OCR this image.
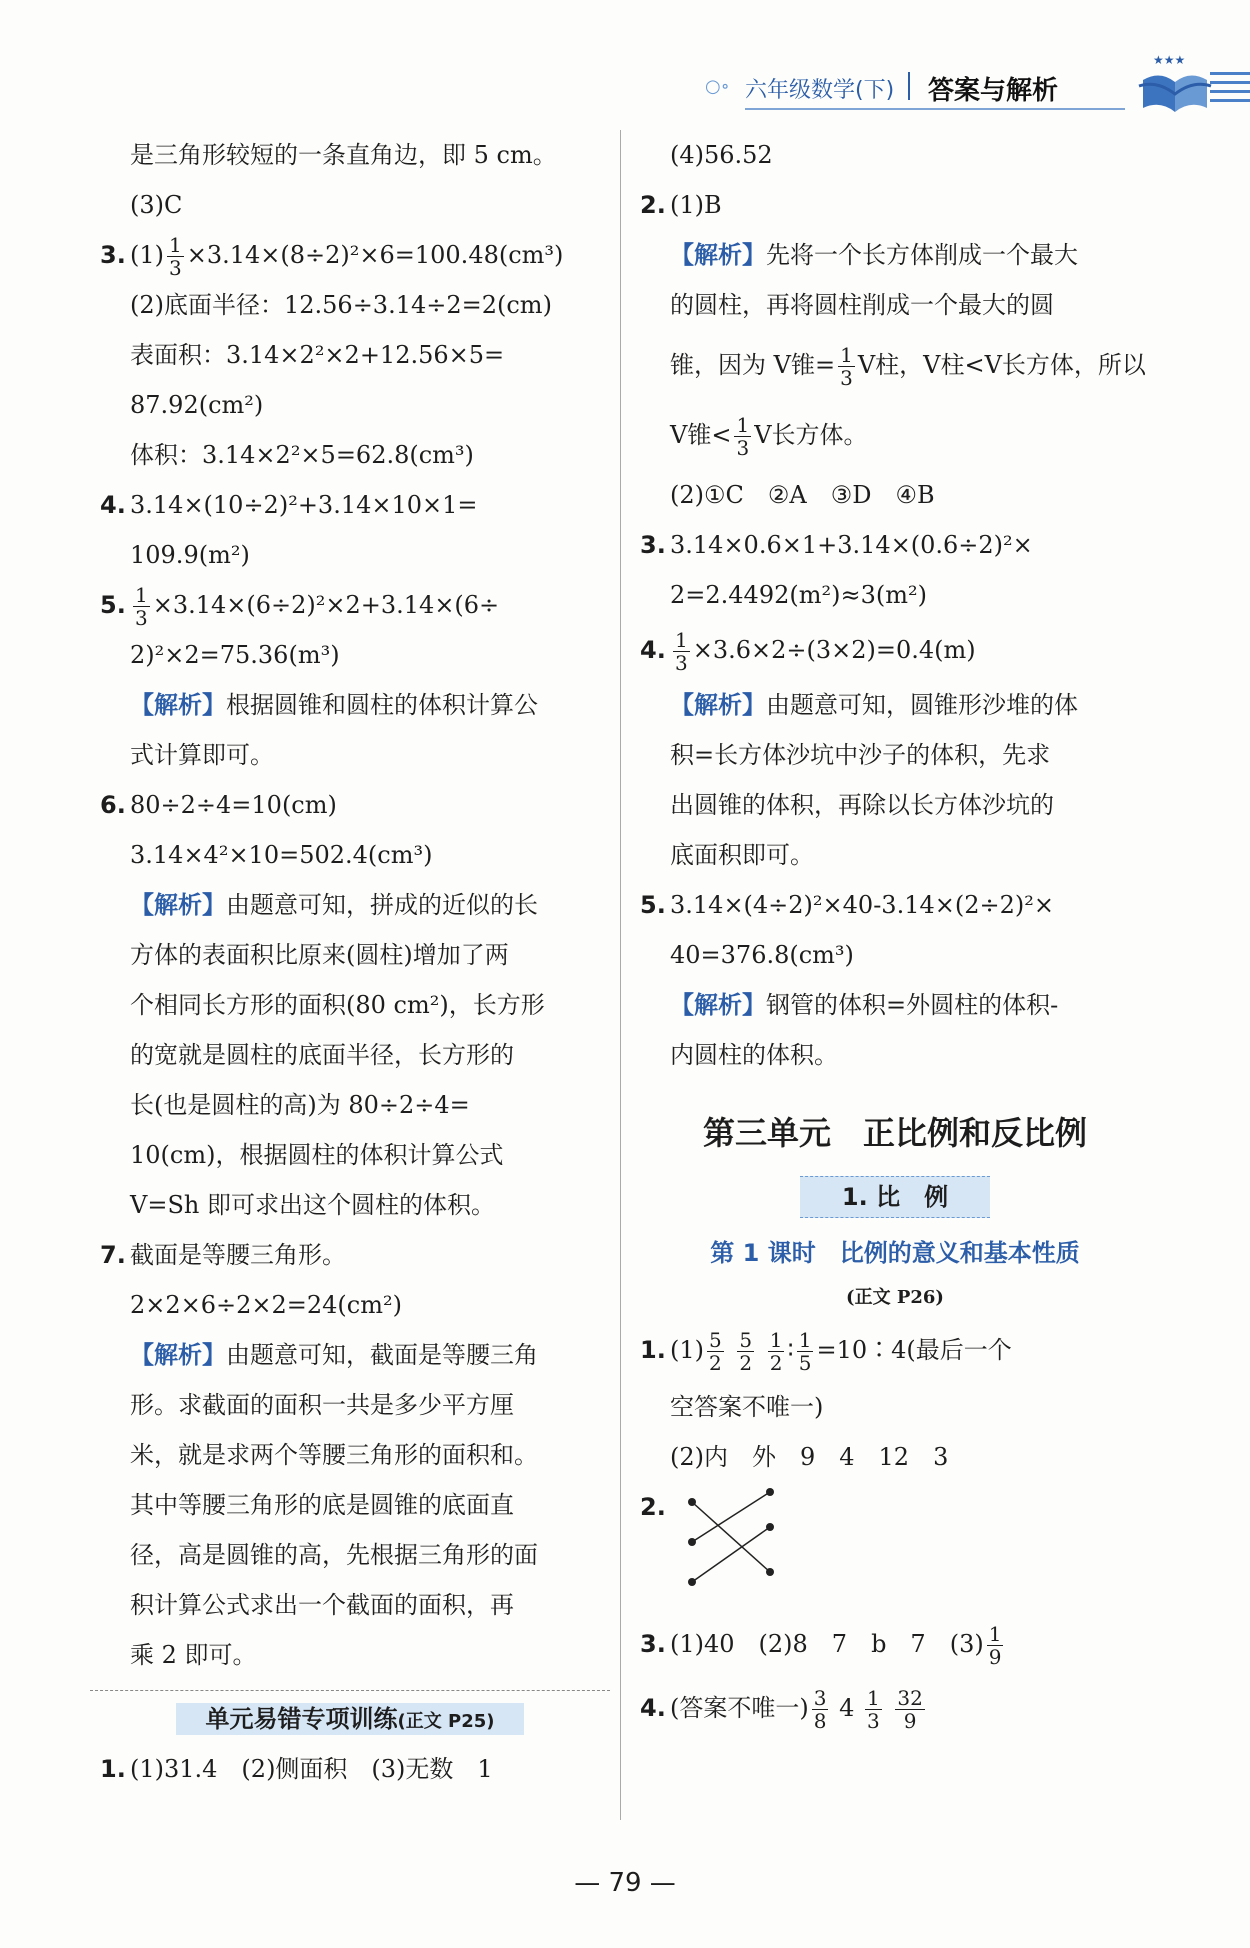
○∘ 六年级数学(下) 答案与解析
★★★
是三角形较短的一条直角边，即 5 cm。
(3)C
3. $(1) \frac{1}{3} \times 3.14\times(8\div 2)^2\times 6=100.48(cm^3)$
(2)底面半径：12.56÷3.14÷2=2(cm)
表面积：3.14×2²×2+12.56×5=
87.92(cm²)
体积：3.14×2²×5=62.8(cm³)
4. 3.14×(10÷2)²+3.14×10×1=
109.9(m²)
5. $\frac{1}{3} \times 3.14\times(6\div 2)^2\times 2+3.14\times(6\div$
2)²×2=75.36(m³)
【解析】根据圆锥和圆柱的体积计算公
式计算即可。
6. 80÷2÷4=10(cm)
3.14×4²×10=502.4(cm³)
【解析】由题意可知，拼成的近似的长
方体的表面积比原来(圆柱)增加了两
个相同长方形的面积(80 cm²)，长方形
的宽就是圆柱的底面半径，长方形的
长(也是圆柱的高)为 80÷2÷4=
10(cm)，根据圆柱的体积计算公式
V=Sh 即可求出这个圆柱的体积。
7. 截面是等腰三角形。
2×2×6÷2×2=24(cm²)
【解析】由题意可知，截面是等腰三角
形。求截面的面积一共是多少平方厘
米，就是求两个等腰三角形的面积和。
其中等腰三角形的底是圆锥的底面直
径，高是圆锥的高，先根据三角形的面
积计算公式求出一个截面的面积，再
乘 2 即可。
单元易错专项训练(正文 P25)
1. (1)31.4　(2)侧面积　(3)无数　1
(4)56.52
2. (1)B
【解析】先将一个长方体削成一个最大
的圆柱，再将圆柱削成一个最大的圆
锥，因为 V锥= $\frac{1}{3}$ V柱，V柱<V长方体，所以
V锥< $\frac{1}{3}$ V长方体。
(2)①C　②A　③D　④B
3. 3.14×0.6×1+3.14×(0.6÷2)²×
2=2.4492(m²)≈3(m²)
4. $\frac{1}{3} \times 3.6\times 2\div(3\times 2)=0.4(m)$
【解析】由题意可知，圆锥形沙堆的体
积=长方体沙坑中沙子的体积，先求
出圆锥的体积，再除以长方体沙坑的
底面积即可。
5. 3.14×(4÷2)²×40-3.14×(2÷2)²×
40=376.8(cm³)
【解析】钢管的体积=外圆柱的体积-
内圆柱的体积。
第三单元　正比例和反比例
1. 比　例
第 1 课时　比例的意义和基本性质
(正文 P26)
1. $(1) \frac{5}{2}$
$\frac{5}{2}$
$\frac{1}{2}$ ∶ $\frac{1}{5}$ =10∶4(最后一个
空答案不唯一)
(2)内　外　9　4　12　3
2.
3. (1)40　(2)8　7　b　7　$(3) \frac{1}{9}$
4. (答案不唯一) $\frac{3}{8} 4 \frac{1}{3}$
$\frac{32}{9}$
— 79 —
